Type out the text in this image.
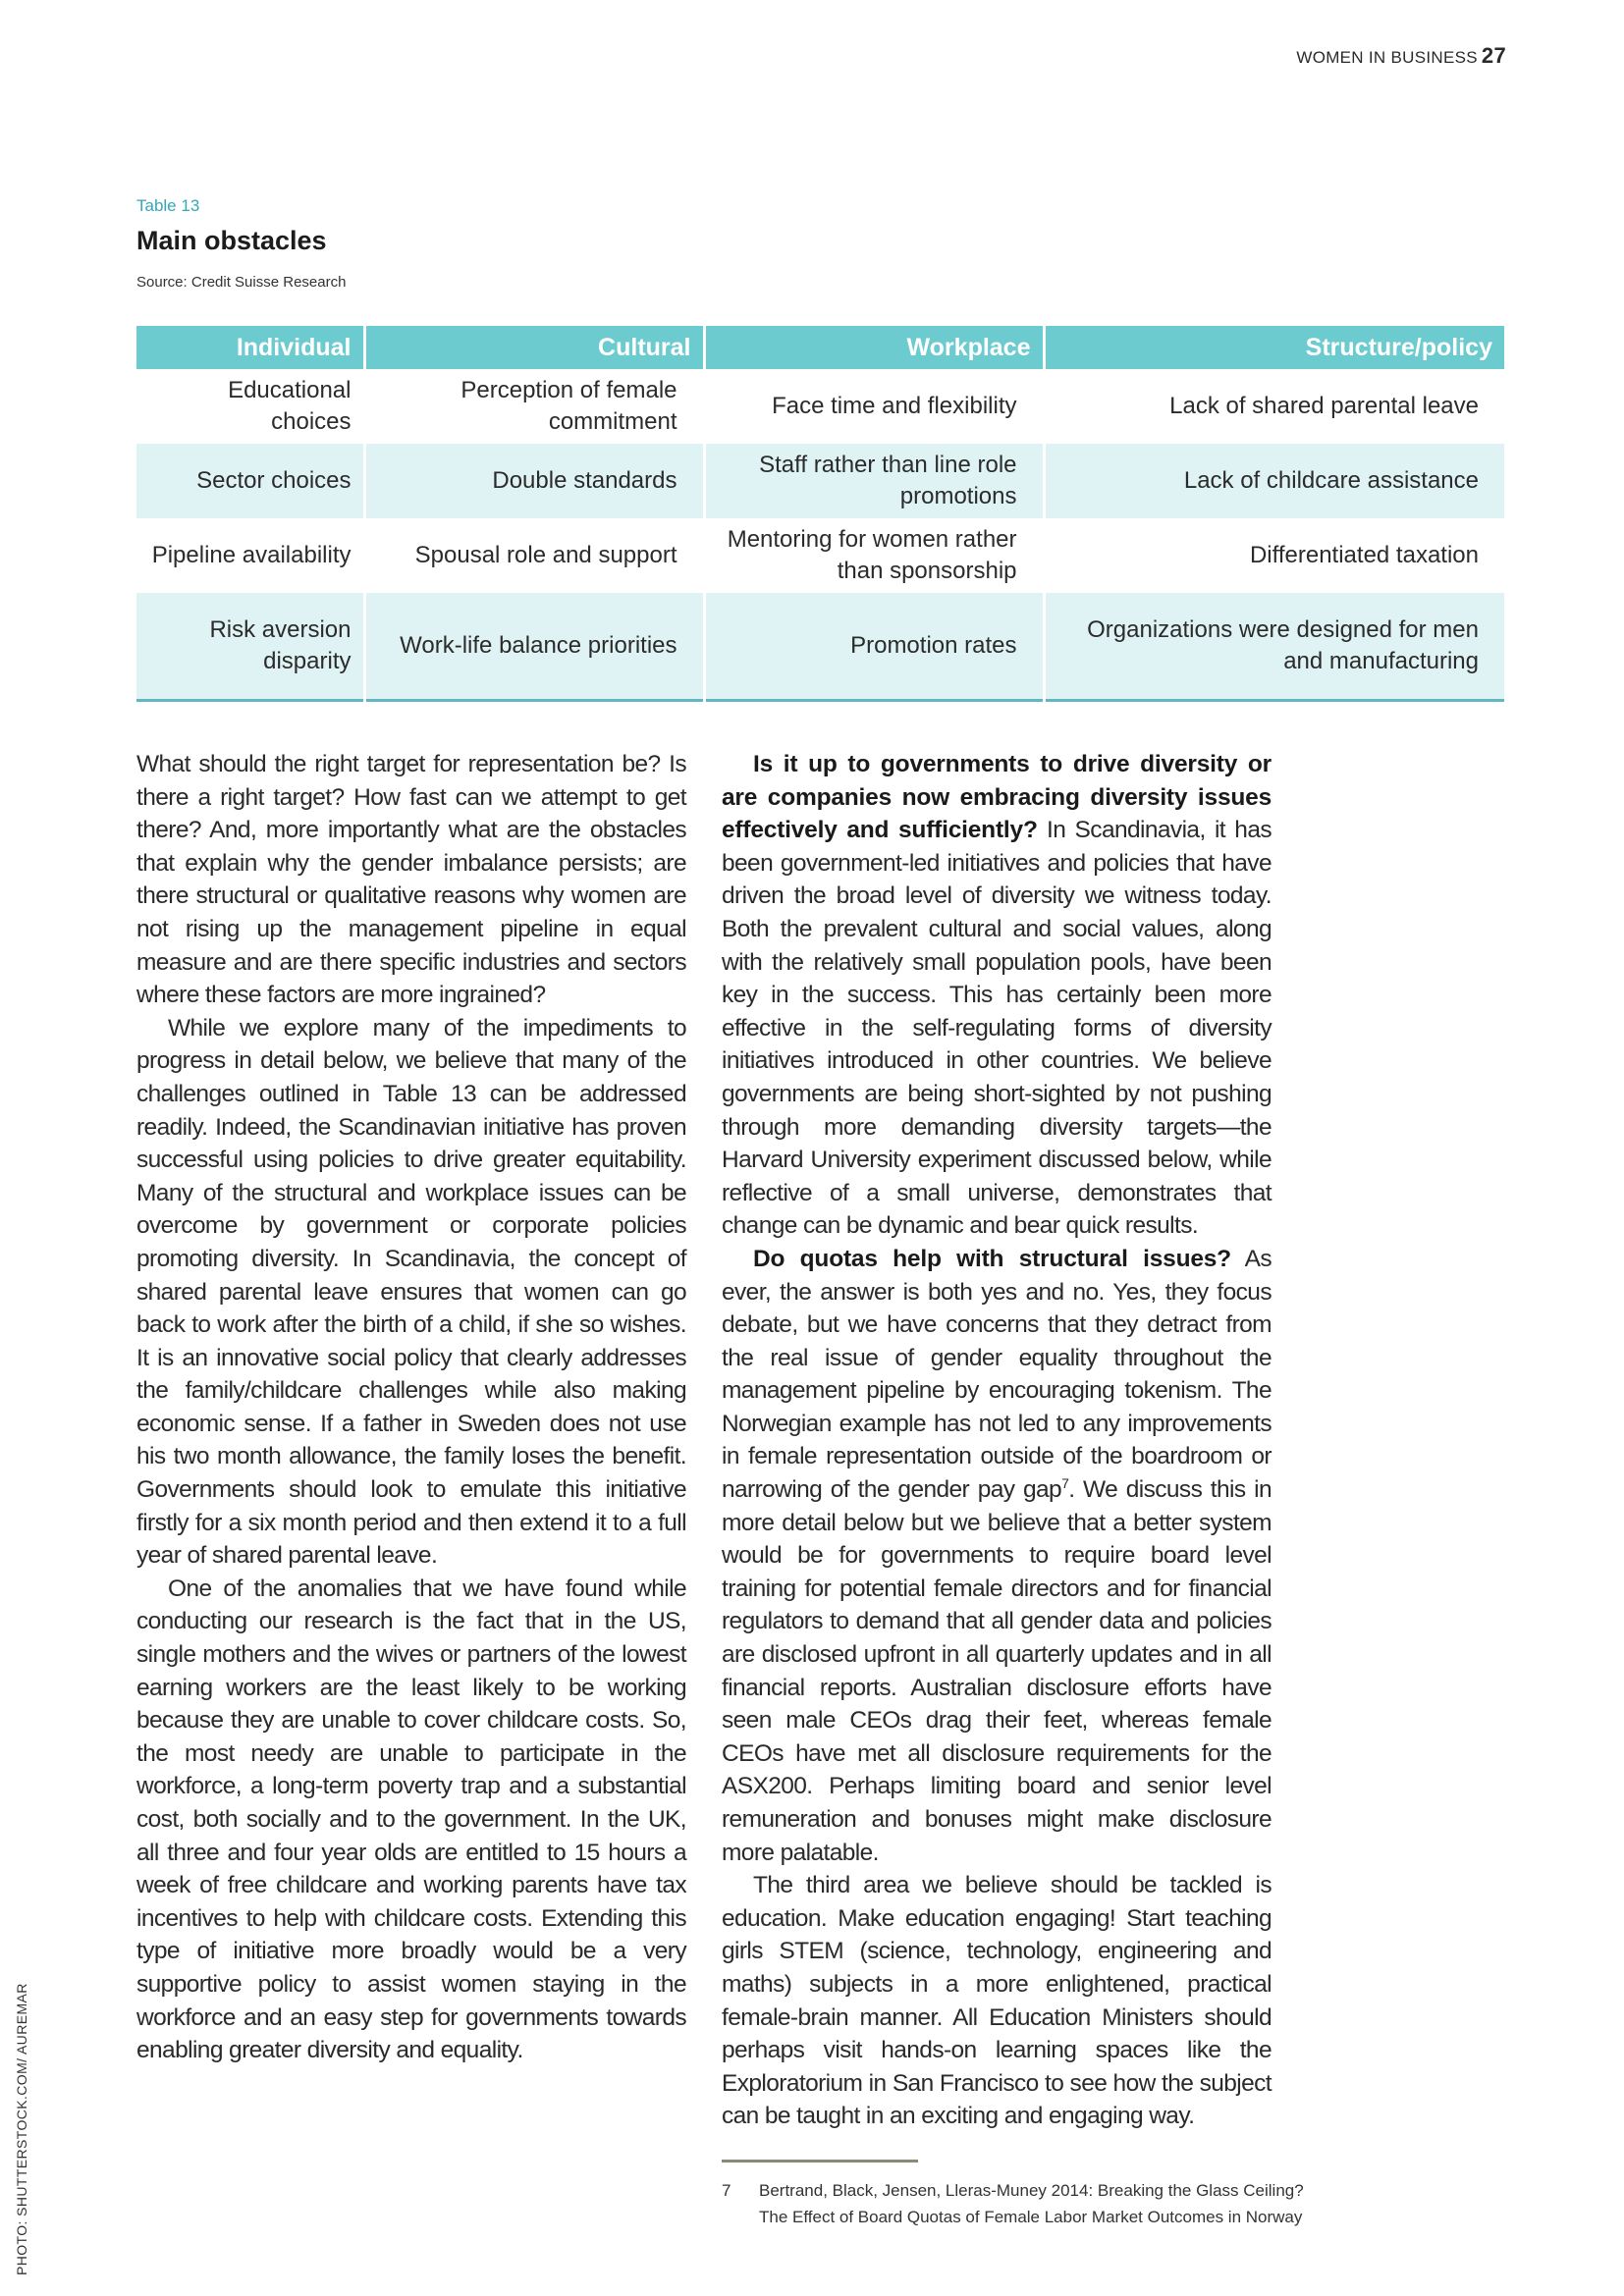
WOMEN IN BUSINESS 27
Table 13
Main obstacles
Source: Credit Suisse Research
Individual	Cultural	Workplace	Structure/policy
Educational choices	Perception of female commitment	Face time and flexibility	Lack of shared parental leave
Sector choices	Double standards	Staff rather than line role promotions	Lack of childcare assistance
Pipeline availability	Spousal role and support	Mentoring for women rather than sponsorship	Differentiated taxation
Risk aversion disparity	Work-life balance priorities	Promotion rates	Organizations were designed for men and manufacturing

What should the right target for representation be? Is there a right target? How fast can we attempt to get there? And, more importantly what are the obstacles that explain why the gender imbalance persists; are there structural or qualitative reasons why women are not rising up the management pipeline in equal measure and are there specific industries and sectors where these factors are more ingrained?

While we explore many of the impediments to progress in detail below, we believe that many of the challenges outlined in Table 13 can be addressed readily. Indeed, the Scandinavian initiative has proven successful using policies to drive greater equitability. Many of the structural and workplace issues can be overcome by government or corporate policies promoting diversity. In Scandinavia, the concept of shared parental leave ensures that women can go back to work after the birth of a child, if she so wishes. It is an innovative social policy that clearly addresses the family/childcare challenges while also making economic sense. If a father in Sweden does not use his two month allowance, the family loses the benefit. Governments should look to emulate this initiative firstly for a six month period and then extend it to a full year of shared parental leave.

One of the anomalies that we have found while conducting our research is the fact that in the US, single mothers and the wives or partners of the lowest earning workers are the least likely to be working because they are unable to cover childcare costs. So, the most needy are unable to participate in the workforce, a long-term poverty trap and a substantial cost, both socially and to the government. In the UK, all three and four year olds are entitled to 15 hours a week of free childcare and working parents have tax incentives to help with childcare costs. Extending this type of initiative more broadly would be a very supportive policy to assist women staying in the workforce and an easy step for governments towards enabling greater diversity and equality.

Is it up to governments to drive diversity or are companies now embracing diversity issues effectively and sufficiently? In Scandinavia, it has been government-led initiatives and policies that have driven the broad level of diversity we witness today. Both the prevalent cultural and social values, along with the relatively small population pools, have been key in the success. This has certainly been more effective in the self-regulating forms of diversity initiatives introduced in other countries. We believe governments are being short-sighted by not pushing through more demanding diversity targets—the Harvard University experiment discussed below, while reflective of a small universe, demonstrates that change can be dynamic and bear quick results.

Do quotas help with structural issues? As ever, the answer is both yes and no. Yes, they focus debate, but we have concerns that they detract from the real issue of gender equality throughout the management pipeline by encouraging tokenism. The Norwegian example has not led to any improvements in female representation outside of the boardroom or narrowing of the gender pay gap$^7$. We discuss this in more detail below but we believe that a better system would be for governments to require board level training for potential female directors and for financial regulators to demand that all gender data and policies are disclosed upfront in all quarterly updates and in all financial reports. Australian disclosure efforts have seen male CEOs drag their feet, whereas female CEOs have met all disclosure requirements for the ASX200. Perhaps limiting board and senior level remuneration and bonuses might make disclosure more palatable.

The third area we believe should be tackled is education. Make education engaging! Start teaching girls STEM (science, technology, engineering and maths) subjects in a more enlightened, practical female-brain manner. All Education Ministers should perhaps visit hands-on learning spaces like the Exploratorium in San Francisco to see how the subject can be taught in an exciting and engaging way.

7 Bertrand, Black, Jensen, Lleras-Muney 2014: Breaking the Glass Ceiling?
The Effect of Board Quotas of Female Labor Market Outcomes in Norway
PHOTO: SHUTTERSTOCK.COM/ AUREMAR
